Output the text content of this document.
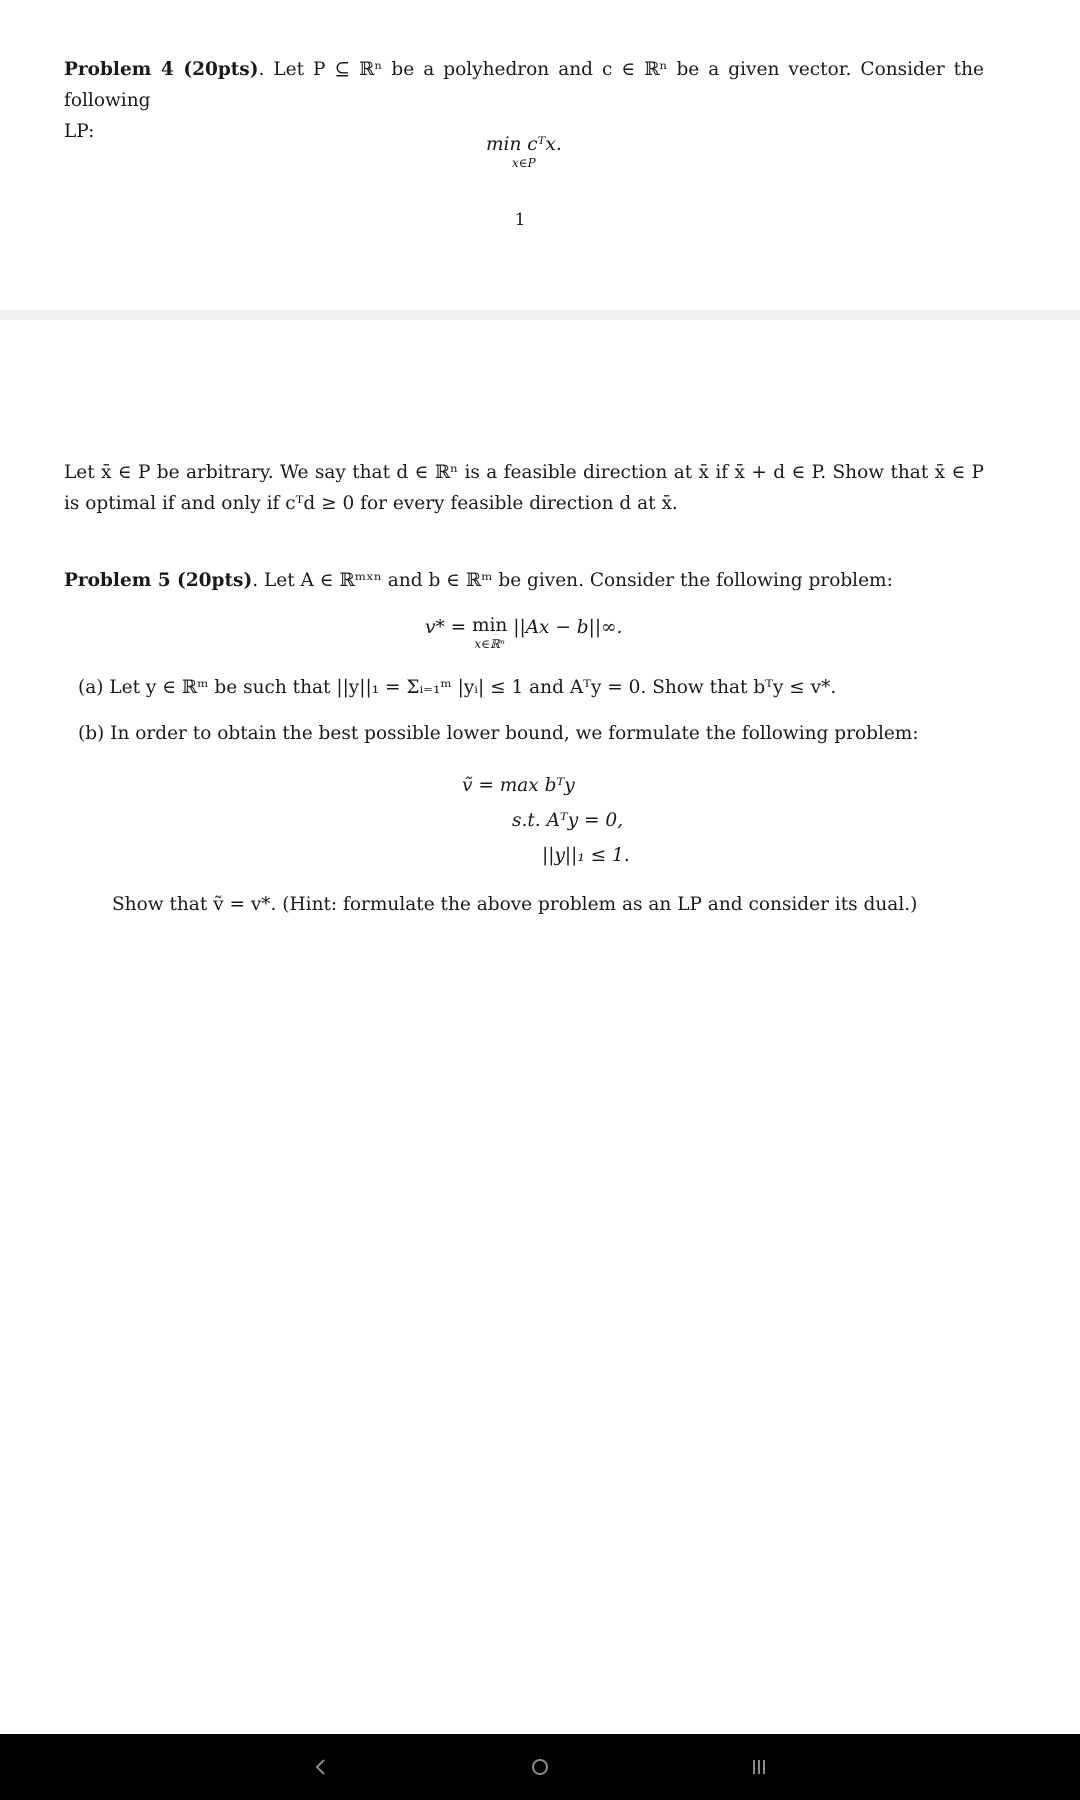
Problem 4 (20pts). Let P ⊆ ℝⁿ be a polyhedron and c ∈ ℝⁿ be a given vector. Consider the following
LP:
min cᵀx.
x∈P
1
Let x̄ ∈ P be arbitrary. We say that d ∈ ℝⁿ is a feasible direction at x̄ if x̄ + d ∈ P. Show that x̄ ∈ P is optimal if and only if cᵀd ≥ 0 for every feasible direction d at x̄.
Problem 5 (20pts). Let A ∈ ℝᵐˣⁿ and b ∈ ℝᵐ be given. Consider the following problem:
v* = min
x∈ℝⁿ
||Ax − b||∞.
(a) Let y ∈ ℝᵐ be such that ||y||₁ = Σᵢ₌₁ᵐ |yᵢ| ≤ 1 and Aᵀy = 0. Show that bᵀy ≤ v*.
(b) In order to obtain the best possible lower bound, we formulate the following problem:
ṽ = max bᵀy
s.t. Aᵀy = 0,
||y||₁ ≤ 1.
Show that ṽ = v*. (Hint: formulate the above problem as an LP and consider its dual.)
